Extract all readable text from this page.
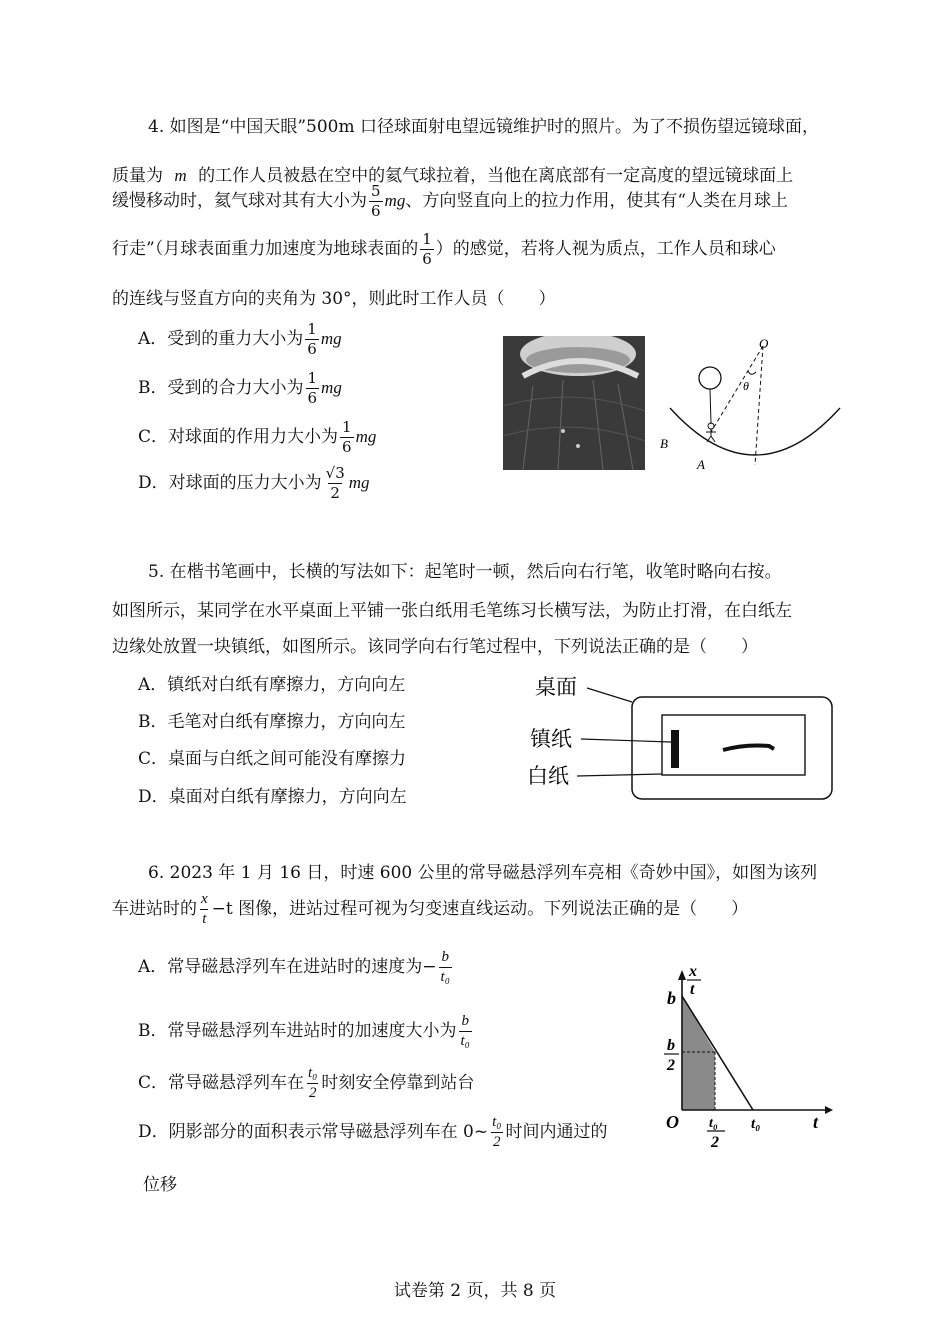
4. 如图是“中国天眼”500m 口径球面射电望远镜维护时的照片。为了不损伤望远镜球面，
质量为 m 的工作人员被悬在空中的氦气球拉着，当他在离底部有一定高度的望远镜球面上
缓慢移动时，氦气球对其有大小为 $\frac{5}{6}$ mg、方向竖直向上的拉力作用，使其有“人类在月球上
行走”（月球表面重力加速度为地球表面的 $\frac{1}{6}$ ）的感觉，若将人视为质点，工作人员和球心
的连线与竖直方向的夹角为 30°，则此时工作人员（　　）
A．受到的重力大小为 $\frac{1}{6}$ mg
B．受到的合力大小为 $\frac{1}{6}$ mg
C．对球面的作用力大小为 $\frac{1}{6}$ mg
D．对球面的压力大小为 $\frac{√3}{2}$ mg
O
θ
B
A
5. 在楷书笔画中，长横的写法如下：起笔时一顿，然后向右行笔，收笔时略向右按。
如图所示，某同学在水平桌面上平铺一张白纸用毛笔练习长横写法，为防止打滑，在白纸左
边缘处放置一块镇纸，如图所示。该同学向右行笔过程中，下列说法正确的是（　　）
A．镇纸对白纸有摩擦力，方向向左
B．毛笔对白纸有摩擦力，方向向左
C．桌面与白纸之间可能没有摩擦力
D．桌面对白纸有摩擦力，方向向左
桌面
镇纸
白纸
6. 2023 年 1 月 16 日，时速 600 公里的常导磁悬浮列车亮相《奇妙中国》，如图为该列
车进站时的 $\frac{x}{t} -t$ 图像，进站过程可视为匀变速直线运动。下列说法正确的是（　　）
A．常导磁悬浮列车在进站时的速度为− $\frac{b}{\text{t₀}}$
B．常导磁悬浮列车进站时的加速度大小为 $\frac{b}{\text{t₀}}$
C．常导磁悬浮列车在 $\frac{\text{t₀}}{2}$ 时刻安全停靠到站台
D．阴影部分的面积表示常导磁悬浮列车在 0~ $\frac{\text{t₀}}{2}$ 时间内通过的
位移
x
t
b
b
2
O t₀
2
t₀	t
试卷第 2 页，共 8 页
